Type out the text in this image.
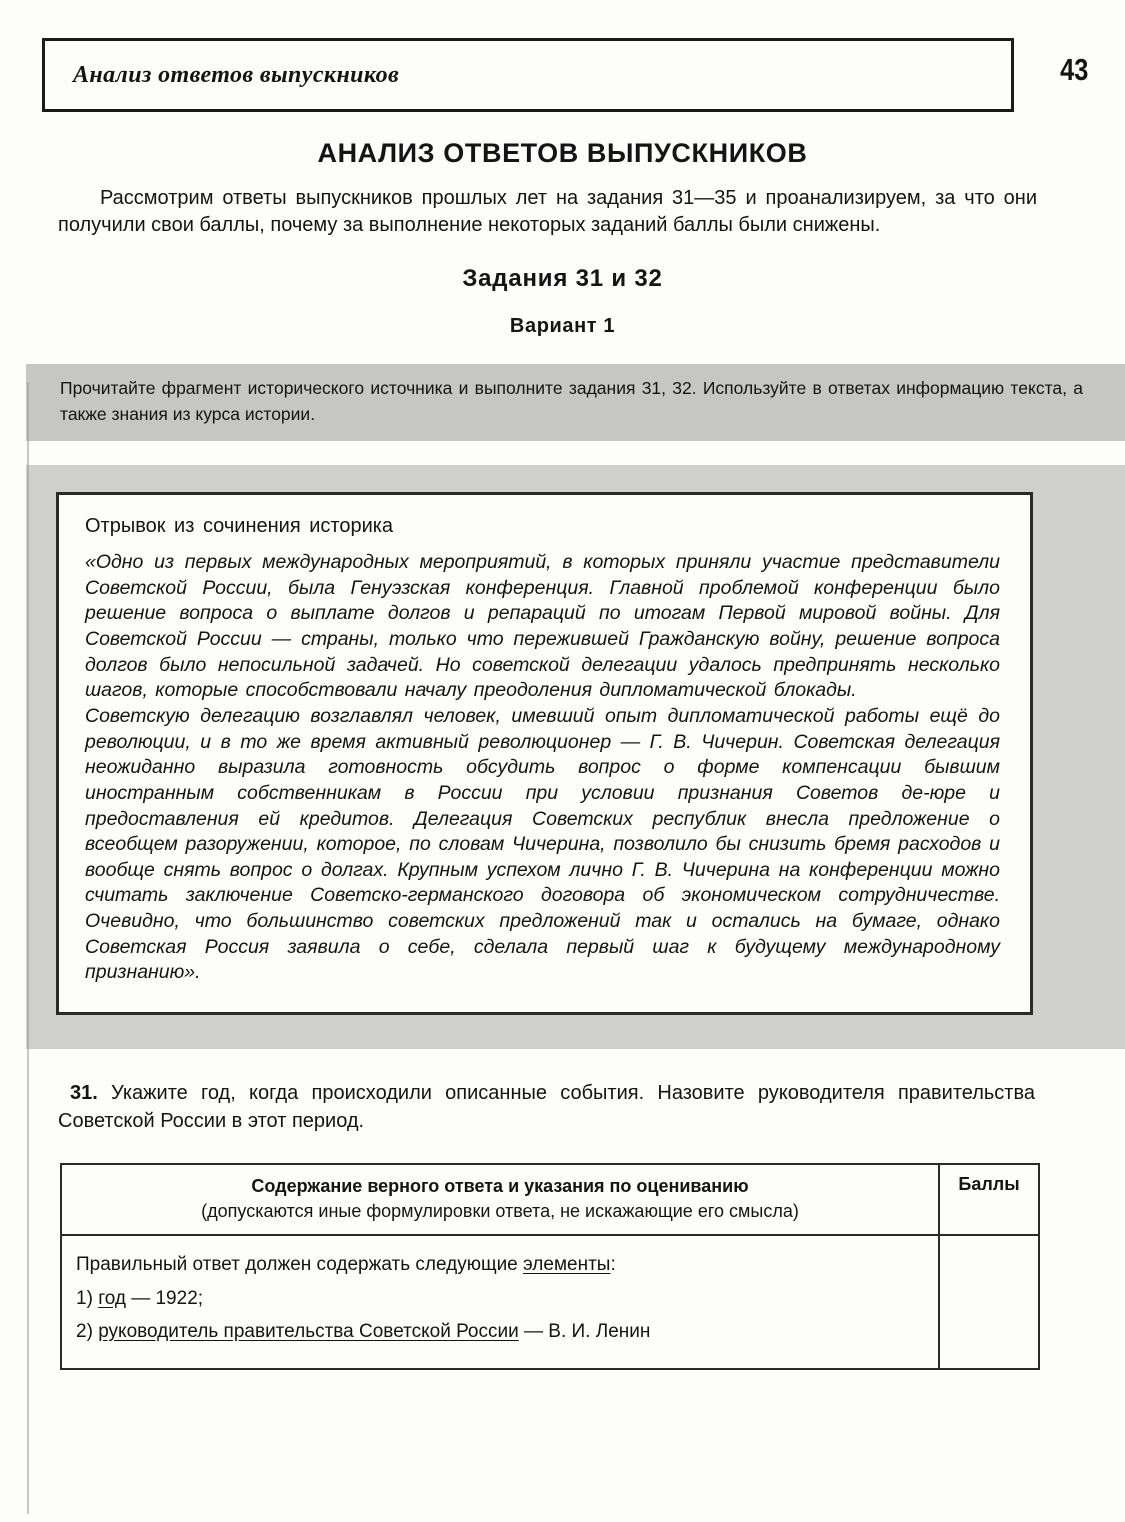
Анализ ответов выпускников	43
АНАЛИЗ ОТВЕТОВ ВЫПУСКНИКОВ

Рассмотрим ответы выпускников прошлых лет на задания 31—35 и проанализируем, за что они получили свои баллы, почему за выполнение некоторых заданий баллы были снижены.

Задания 31 и 32
Вариант 1
Прочитайте фрагмент исторического источника и выполните задания 31, 32. Используйте в ответах информацию текста, а также знания из курса истории.
Отрывок из сочинения историка

«Одно из первых международных мероприятий, в которых приняли участие представители Советской России, была Генуэзская конференция. Главной проблемой конференции было решение вопроса о выплате долгов и репараций по итогам Первой мировой войны. Для Советской России — страны, только что пережившей Гражданскую войну, решение вопроса долгов было непосильной задачей. Но советской делегации удалось предпринять несколько шагов, которые способствовали началу преодоления дипломатической блокады.

Советскую делегацию возглавлял человек, имевший опыт дипломатической работы ещё до революции, и в то же время активный революционер — Г. В. Чичерин. Советская делегация неожиданно выразила готовность обсудить вопрос о форме компенсации бывшим иностранным собственникам в России при условии признания Советов де-юре и предоставления ей кредитов. Делегация Советских республик внесла предложение о всеобщем разоружении, которое, по словам Чичерина, позволило бы снизить бремя расходов и вообще снять вопрос о долгах. Крупным успехом лично Г. В. Чичерина на конференции можно считать заключение Советско-германского договора об экономическом сотрудничестве. Очевидно, что большинство советских предложений так и остались на бумаге, однако Советская Россия заявила о себе, сделала первый шаг к будущему международному признанию».

31. Укажите год, когда происходили описанные события. Назовите руководителя правительства Советской России в этот период.

Содержание верного ответа и указания по оцениванию
(допускаются иные формулировки ответа, не искажающие его смысла)	Баллы

Правильный ответ должен содержать следующие элементы:
1) год — 1922;
2) руководитель правительства Советской России — В. И. Ленин	
